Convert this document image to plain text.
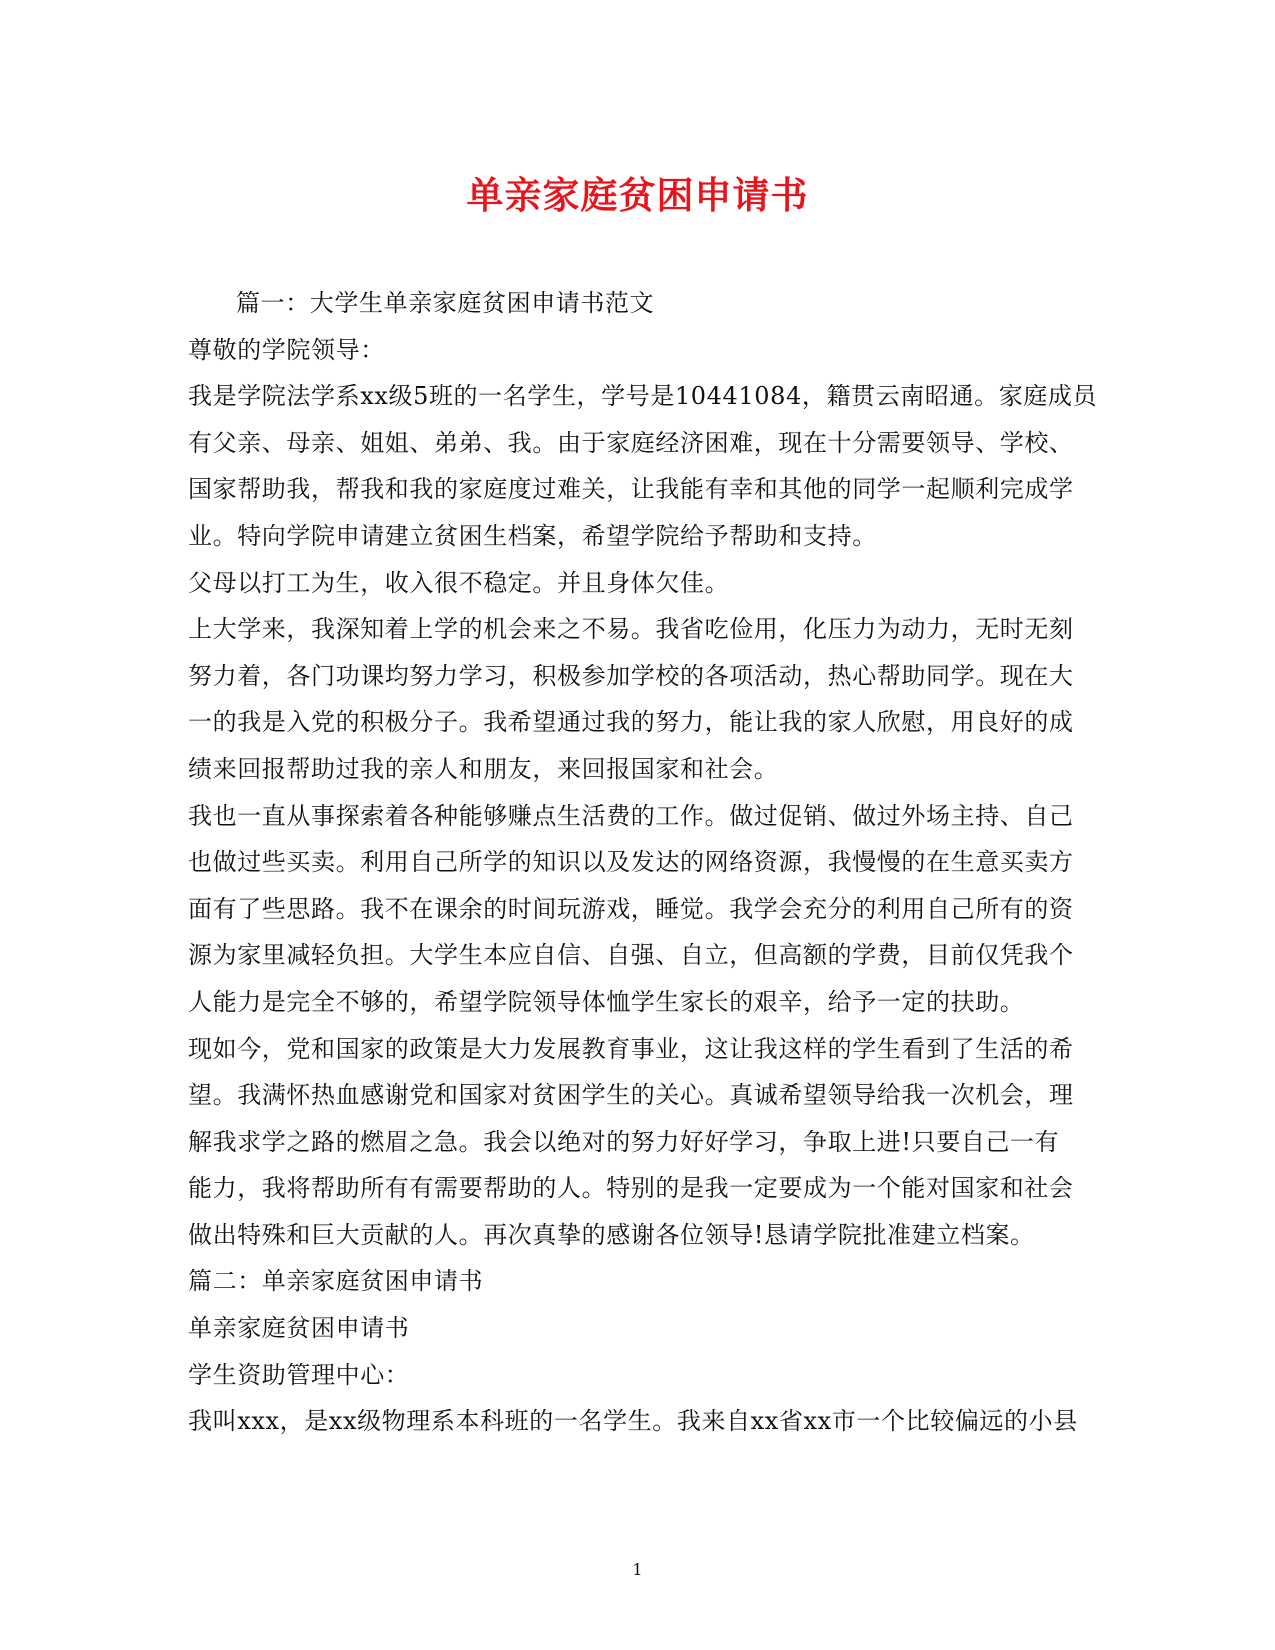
单亲家庭贫困申请书
篇一：大学生单亲家庭贫困申请书范文
尊敬的学院领导：
我是学院法学系xx级5班的一名学生，学号是10441084，籍贯云南昭通。家庭成员
有父亲、母亲、姐姐、弟弟、我。由于家庭经济困难，现在十分需要领导、学校、
国家帮助我，帮我和我的家庭度过难关，让我能有幸和其他的同学一起顺利完成学
业。特向学院申请建立贫困生档案，希望学院给予帮助和支持。
父母以打工为生，收入很不稳定。并且身体欠佳。
上大学来，我深知着上学的机会来之不易。我省吃俭用，化压力为动力，无时无刻
努力着，各门功课均努力学习，积极参加学校的各项活动，热心帮助同学。现在大
一的我是入党的积极分子。我希望通过我的努力，能让我的家人欣慰，用良好的成
绩来回报帮助过我的亲人和朋友，来回报国家和社会。
我也一直从事探索着各种能够赚点生活费的工作。做过促销、做过外场主持、自己
也做过些买卖。利用自己所学的知识以及发达的网络资源，我慢慢的在生意买卖方
面有了些思路。我不在课余的时间玩游戏，睡觉。我学会充分的利用自己所有的资
源为家里减轻负担。大学生本应自信、自强、自立，但高额的学费，目前仅凭我个
人能力是完全不够的，希望学院领导体恤学生家长的艰辛，给予一定的扶助。
现如今，党和国家的政策是大力发展教育事业，这让我这样的学生看到了生活的希
望。我满怀热血感谢党和国家对贫困学生的关心。真诚希望领导给我一次机会，理
解我求学之路的燃眉之急。我会以绝对的努力好好学习，争取上进!只要自己一有
能力，我将帮助所有有需要帮助的人。特别的是我一定要成为一个能对国家和社会
做出特殊和巨大贡献的人。再次真挚的感谢各位领导!恳请学院批准建立档案。
篇二：单亲家庭贫困申请书
单亲家庭贫困申请书
学生资助管理中心：
我叫xxx，是xx级物理系本科班的一名学生。我来自xx省xx市一个比较偏远的小县
1
